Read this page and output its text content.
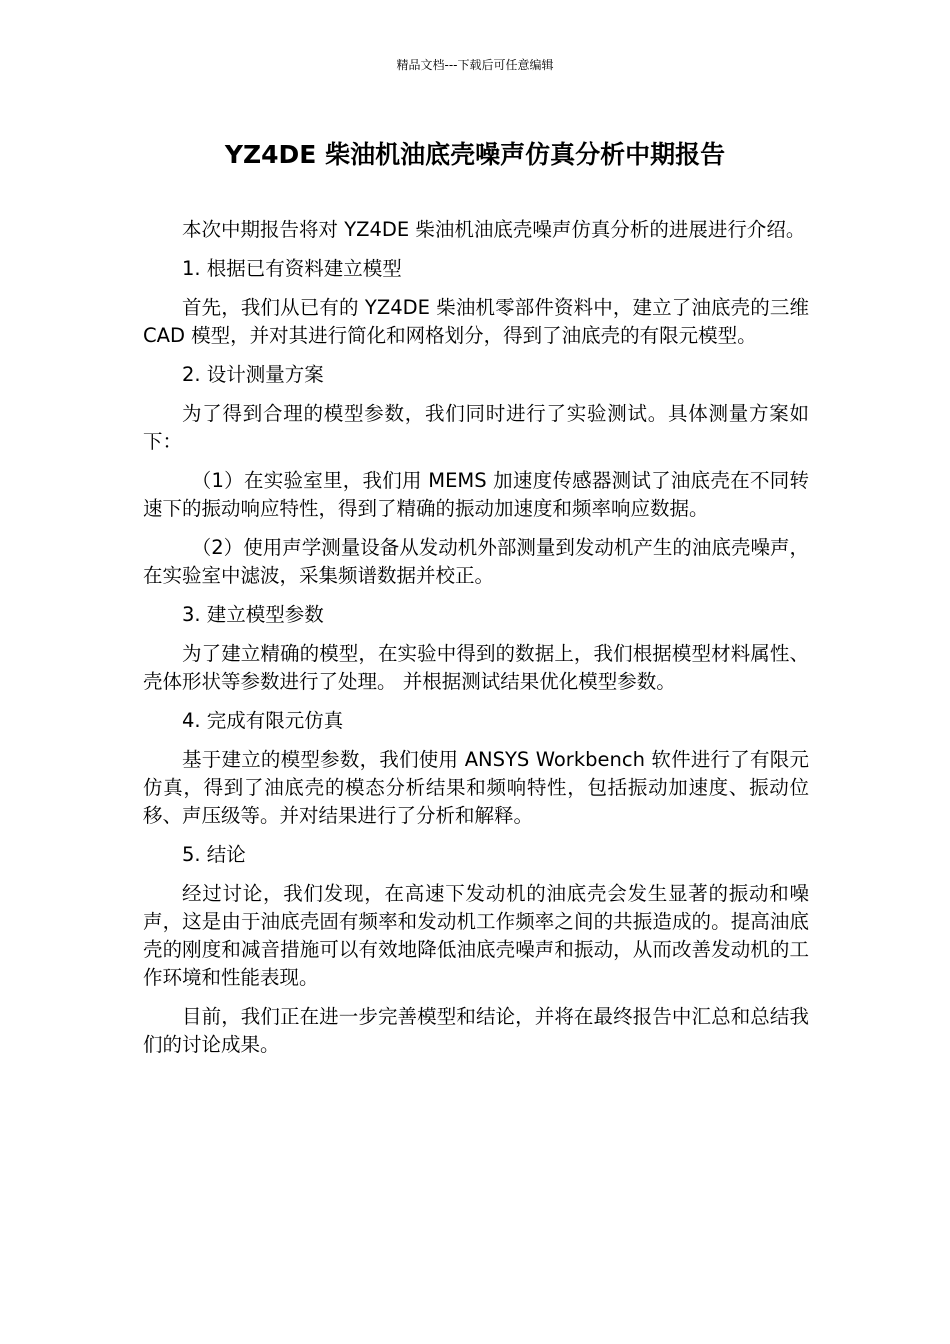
精品文档---下载后可任意编辑
YZ4DE 柴油机油底壳噪声仿真分析中期报告

本次中期报告将对 YZ4DE 柴油机油底壳噪声仿真分析的进展进行介绍。

1. 根据已有资料建立模型

首先，我们从已有的 YZ4DE 柴油机零部件资料中，建立了油底壳的三维 CAD 模型，并对其进行简化和网格划分，得到了油底壳的有限元模型。

2. 设计测量方案

为了得到合理的模型参数，我们同时进行了实验测试。具体测量方案如下：

（1）在实验室里，我们用 MEMS 加速度传感器测试了油底壳在不同转速下的振动响应特性，得到了精确的振动加速度和频率响应数据。

（2）使用声学测量设备从发动机外部测量到发动机产生的油底壳噪声，在实验室中滤波，采集频谱数据并校正。

3. 建立模型参数

为了建立精确的模型，在实验中得到的数据上，我们根据模型材料属性、壳体形状等参数进行了处理。 并根据测试结果优化模型参数。

4. 完成有限元仿真

基于建立的模型参数，我们使用 ANSYS Workbench 软件进行了有限元仿真，得到了油底壳的模态分析结果和频响特性，包括振动加速度、振动位移、声压级等。并对结果进行了分析和解释。

5. 结论

经过讨论，我们发现，在高速下发动机的油底壳会发生显著的振动和噪声，这是由于油底壳固有频率和发动机工作频率之间的共振造成的。提高油底壳的刚度和减音措施可以有效地降低油底壳噪声和振动，从而改善发动机的工作环境和性能表现。

目前，我们正在进一步完善模型和结论，并将在最终报告中汇总和总结我们的讨论成果。
